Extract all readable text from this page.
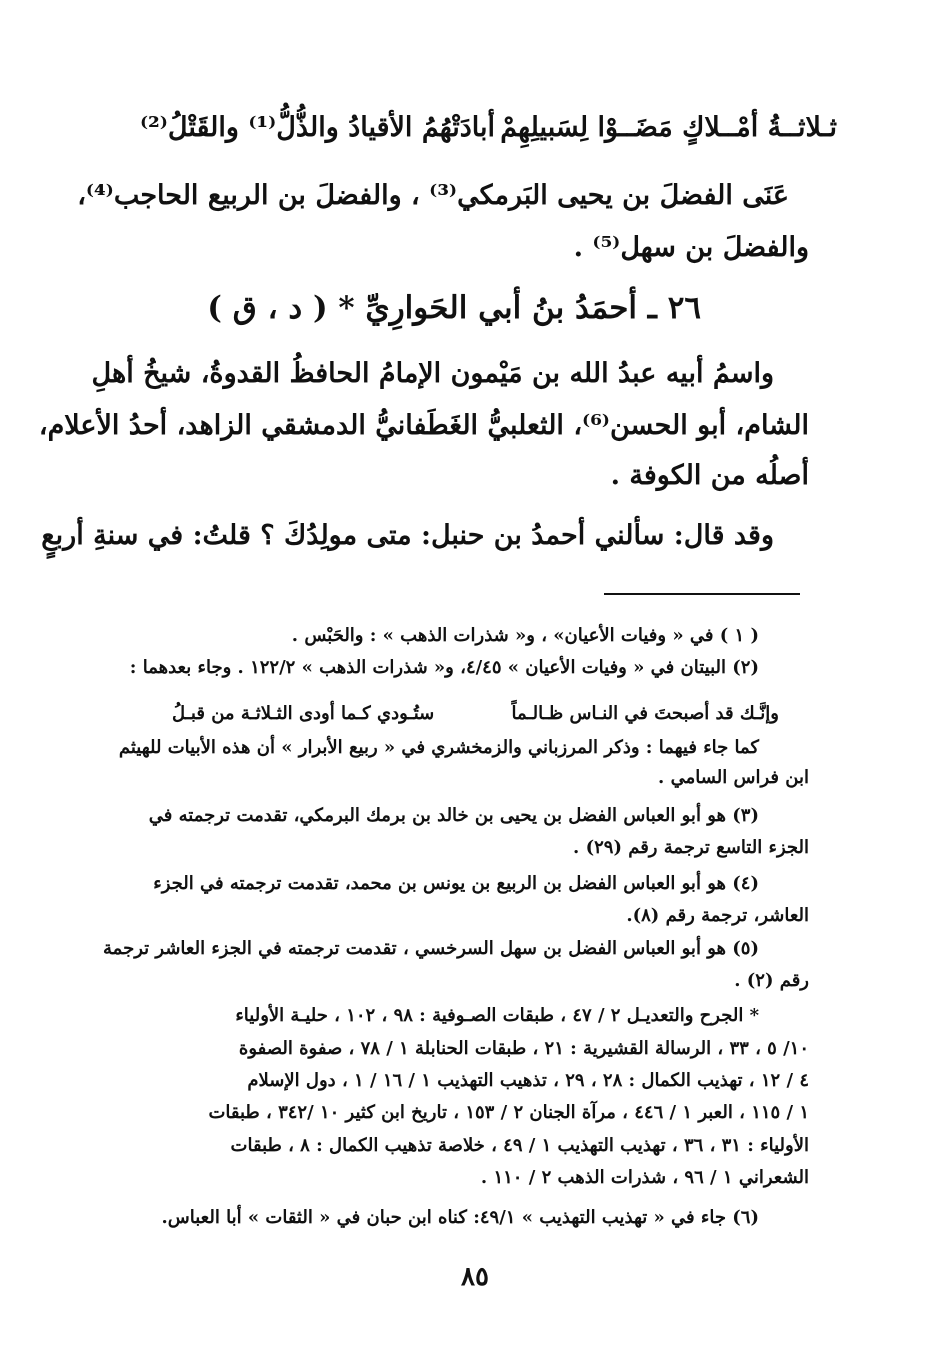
ثـلاثــةُ أمْــلاكٍ مَضَــوْا لِسَبيلِهِمْ
أبادَتْهُمُ الأقيادُ والذُّلُّ⁽¹⁾ والقَتْلُ⁽²⁾
عَنَى الفضلَ بن يحيى البَرمكي⁽³⁾ ، والفضلَ بن الربيع الحاجب⁽⁴⁾،
والفضلَ بن سهل⁽⁵⁾ .
٢٦ ـ أحمَدُ بنُ أبي الحَوارِيِّ * ( د ، ق )
واسمُ أبيه عبدُ الله بن مَيْمون الإمامُ الحافظُ القدوةُ، شيخُ أهلِ
الشام، أبو الحسن⁽⁶⁾، الثعلبيُّ الغَطَفانيُّ الدمشقي الزاهد، أحدُ الأعلام،
أصلُه من الكوفة .
وقد قال: سألني أحمدُ بن حنبل: متى مولِدُكَ ؟ قلتُ: في سنةِ أربعٍ
( ١ ) في « وفيات الأعيان» ، و« شذرات الذهب » : والحَبْس .
(٢) البيتان في « وفيات الأعيان » ٤/٤٥، و« شذرات الذهب » ١٢٢/٢ . وجاء بعدهما :
وإنَّـك قد أصبحتَ في النـاس ظـالـماً
ستُـودي كـما أودى الثـلاثـة من قبـلُ
كما جاء فيهما : وذكر المرزباني والزمخشري في « ربيع الأبرار » أن هذه الأبيات للهيثم
ابن فراس السامي .
(٣) هو أبو العباس الفضل بن يحيى بن خالد بن برمك البرمكي، تقدمت ترجمته في
الجزء التاسع ترجمة رقم (٢٩) .
(٤) هو أبو العباس الفضل بن الربيع بن يونس بن محمد، تقدمت ترجمته في الجزء
العاشر، ترجمة رقم (٨).
(٥) هو أبو العباس الفضل بن سهل السرخسي ، تقدمت ترجمته في الجزء العاشر ترجمة
رقم (٢) .
* الجرح والتعديـل ٢ / ٤٧ ، طبقات الصـوفية : ٩٨ ، ١٠٢ ، حليـة الأولياء
١٠/ ٥ ، ٣٣ ، الرسالة القشيرية : ٢١ ، طبقات الحنابلة ١ / ٧٨ ، صفوة الصفوة
٤ / ١٢ ، تهذيب الكمال : ٢٨ ، ٢٩ ، تذهيب التهذيب ١ / ١٦ / ١ ، دول الإسلام
١ / ١١٥ ، العبر ١ / ٤٤٦ ، مرآة الجنان ٢ / ١٥٣ ، تاريخ ابن كثير ١٠ /٣٤٢ ، طبقات
الأولياء : ٣١ ، ٣٦ ، تهذيب التهذيب ١ / ٤٩ ، خلاصة تذهيب الكمال : ٨ ، طبقات
الشعراني ١ / ٩٦ ، شذرات الذهب ٢ / ١١٠ .
(٦) جاء في « تهذيب التهذيب » ٤٩/١: كناه ابن حبان في « الثقات » أبا العباس.
٨٥
